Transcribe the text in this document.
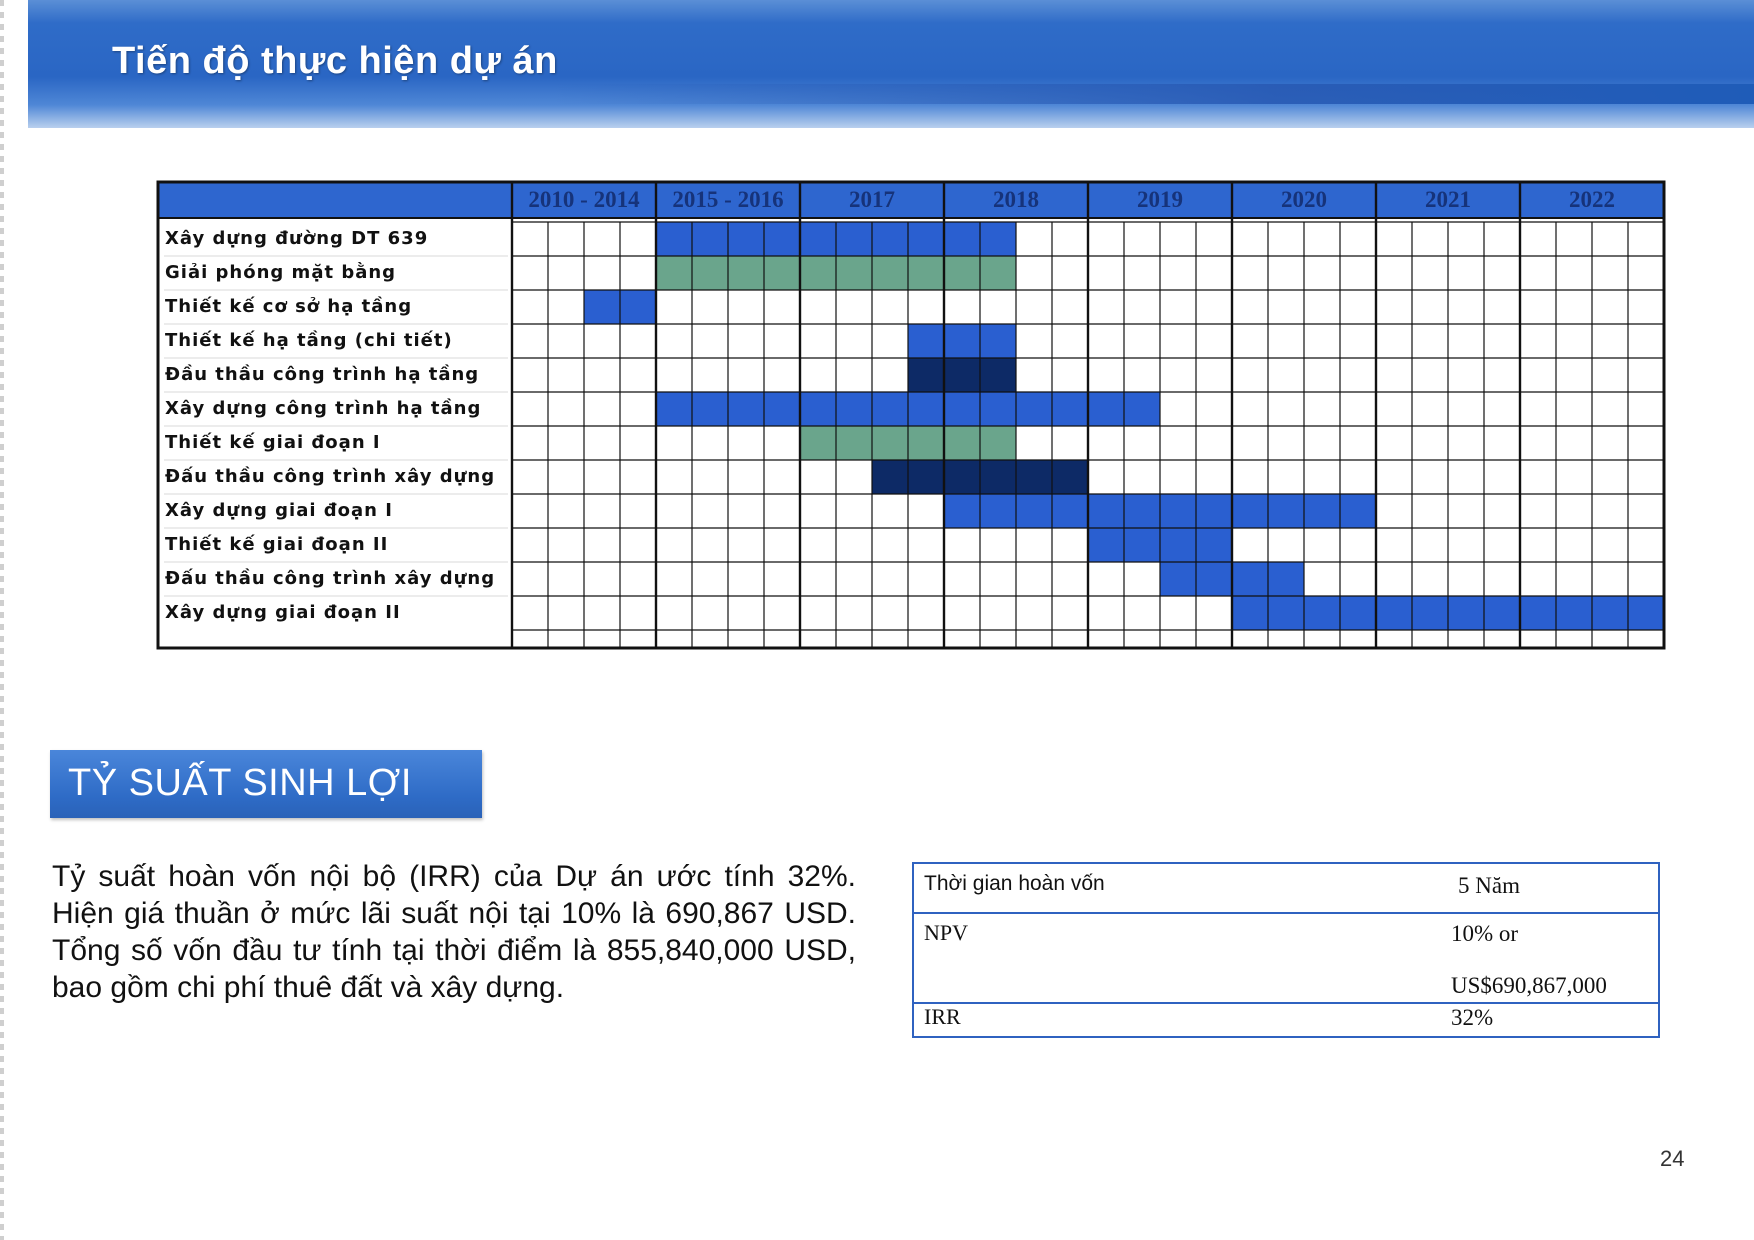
Tiến độ thực hiện dự án
2010 - 2014	2015 - 2016	2017	2018	2019	2020	2021	2022
Xây dựng đường DT 639
Giải phóng mặt bằng
Thiết kế cơ sở hạ tầng
Thiết kế hạ tầng (chi tiết)
Đầu thầu công trình hạ tầng
Xây dựng công trình hạ tầng
Thiết kế giai đoạn I
Đấu thầu công trình xây dựng
Xây dựng giai đoạn I
Thiết kế giai đoạn II
Đấu thầu công trình xây dựng
Xây dựng giai đoạn II
TỶ SUẤT SINH LỢI

Tỷ suất hoàn vốn nội bộ (IRR) của Dự án ước tính 32%. Hiện giá thuần ở mức lãi suất nội tại 10% là 690,867 USD. Tổng số vốn đầu tư tính tại thời điểm là 855,840,000 USD, bao gồm chi phí thuê đất và xây dựng.

Thời gian hoàn vốn	5 Năm
NPV	10% or US$690,867,000
IRR	32%
24
